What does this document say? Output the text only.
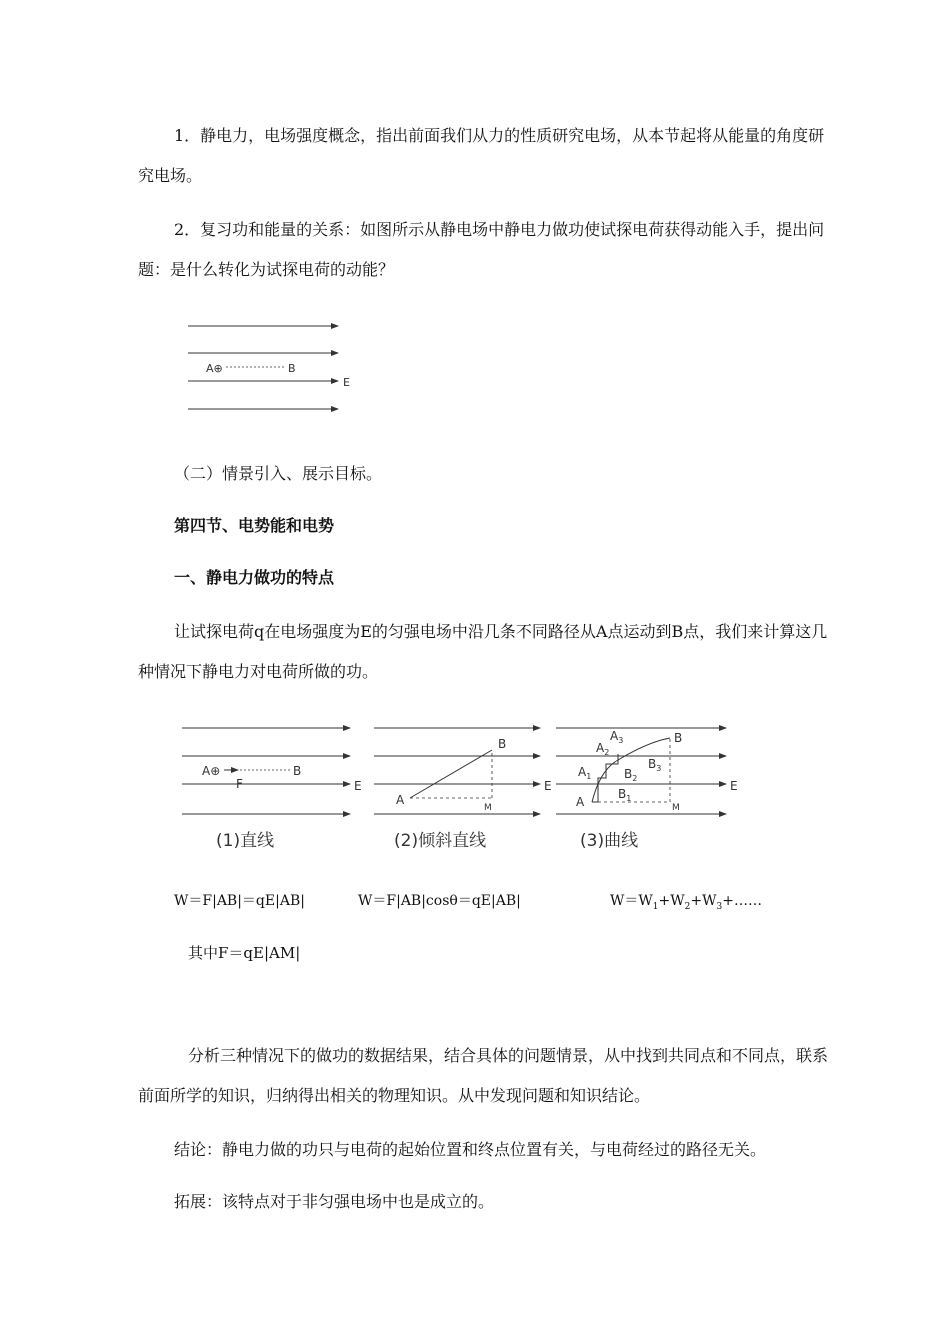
1．静电力，电场强度概念，指出前面我们从力的性质研究电场，从本节起将从能量的角度研究电场。

2．复习功和能量的关系：如图所示从静电场中静电力做功使试探电荷获得动能入手，提出问题：是什么转化为试探电荷的动能？

A⊕	B
E

（二）情景引入、展示目标。

第四节、电势能和电势

一、静电力做功的特点

让试探电荷q在电场强度为E的匀强电场中沿几条不同路径从A点运动到B点，我们来计算这几种情况下静电力对电荷所做的功。

A⊕
F
B
E
A
B
M
E
A
$A_1$
$A_2$
$A_3$	B
$B_1$
$B_2$
$B_3$
M
E
(1)直线	(2)倾斜直线	(3)曲线
W＝F|AB|＝qE|AB|	W＝F|AB|cosθ＝qE|AB|	$W=W_1+W_2+W_3+\dots\dots$
其中F＝qE|AM|

分析三种情况下的做功的数据结果，结合具体的问题情景，从中找到共同点和不同点，联系前面所学的知识，归纳得出相关的物理知识。从中发现问题和知识结论。

结论：静电力做的功只与电荷的起始位置和终点位置有关，与电荷经过的路径无关。

拓展：该特点对于非匀强电场中也是成立的。
